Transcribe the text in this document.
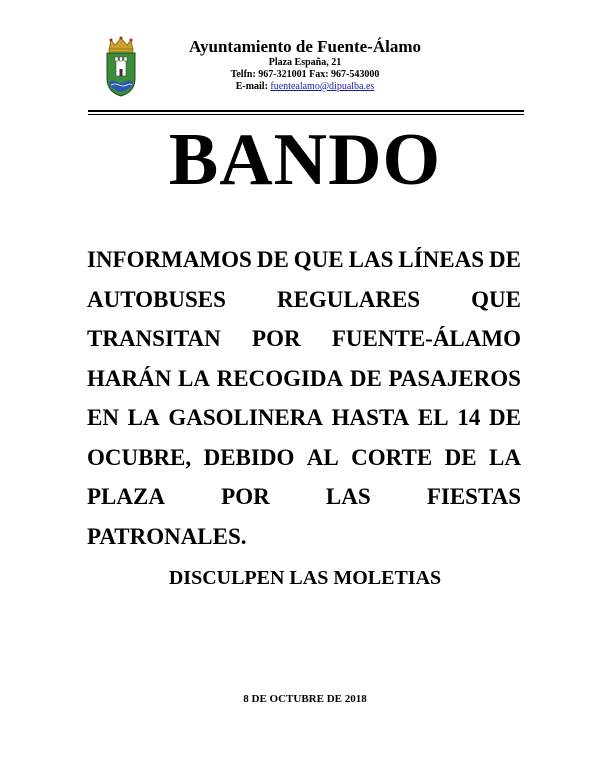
Ayuntamiento de Fuente-Álamo
Plaza España, 21
Telfn: 967-321001 Fax: 967-543000
E-mail: fuentealamo@dipualba.es
BANDO
INFORMAMOS DE QUE LAS LÍNEAS DE
AUTOBUSES REGULARES QUE
TRANSITAN POR FUENTE-ÁLAMO
HARÁN LA RECOGIDA DE PASAJEROS
EN LA GASOLINERA HASTA EL 14 DE
OCUBRE, DEBIDO AL CORTE DE LA
PLAZA POR LAS FIESTAS
PATRONALES.
DISCULPEN LAS MOLETIAS
8 DE OCTUBRE DE 2018
